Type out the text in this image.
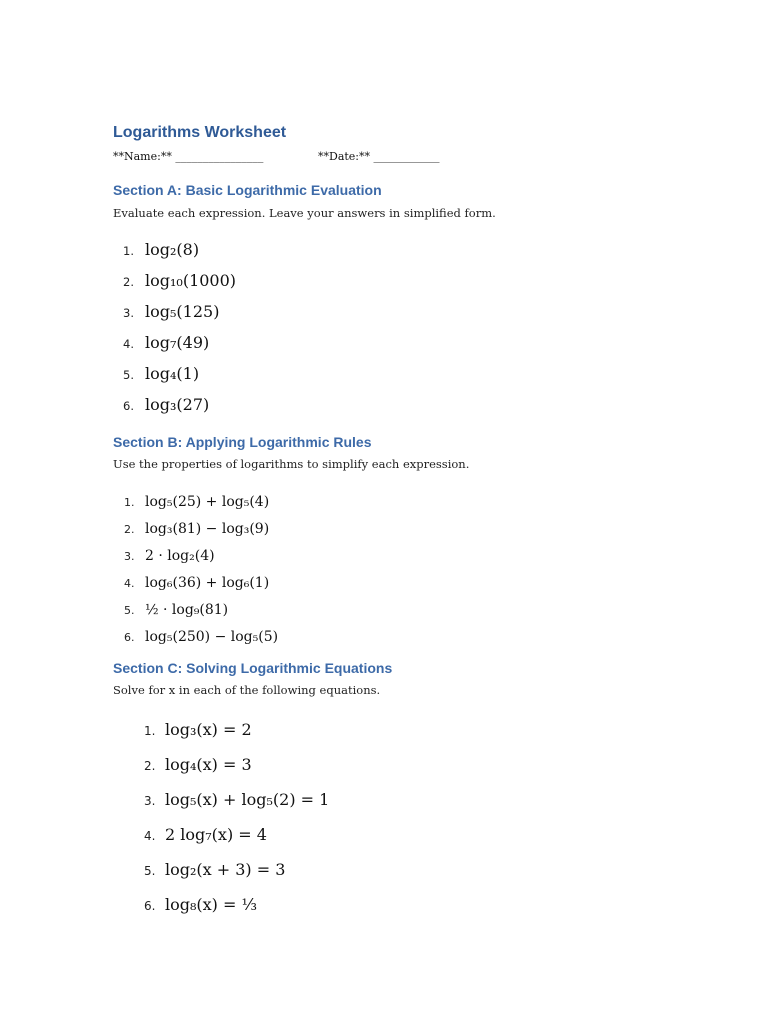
Logarithms Worksheet
**Name:** ________________	**Date:** ____________
Section A: Basic Logarithmic Evaluation
Evaluate each expression. Leave your answers in simplified form.
1. log₂(8)
2. log₁₀(1000)
3. log₅(125)
4. log₇(49)
5. log₄(1)
6. log₃(27)
Section B: Applying Logarithmic Rules
Use the properties of logarithms to simplify each expression.
1. log₅(25) + log₅(4)
2. log₃(81) − log₃(9)
3. 2 · log₂(4)
4. log₆(36) + log₆(1)
5. ½ · log₉(81)
6. log₅(250) − log₅(5)
Section C: Solving Logarithmic Equations
Solve for x in each of the following equations.
1. log₃(x) = 2
2. log₄(x) = 3
3. log₅(x) + log₅(2) = 1
4. 2 log₇(x) = 4
5. log₂(x + 3) = 3
6. log₈(x) = ⅓
